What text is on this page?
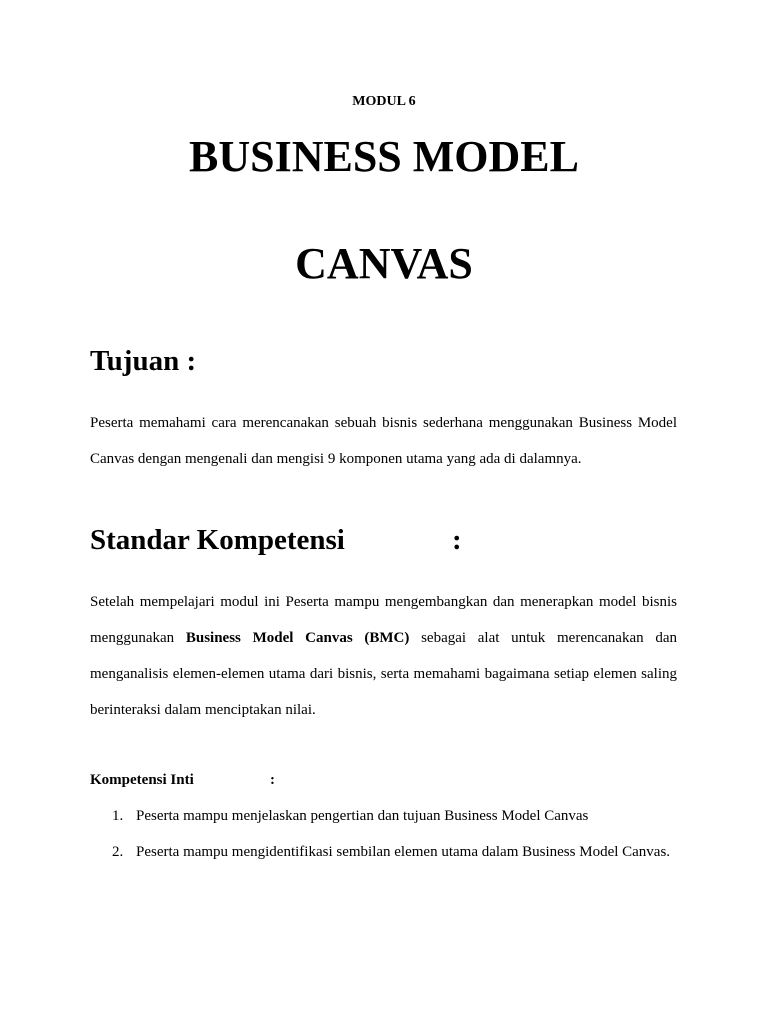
MODUL 6
BUSINESS MODEL
CANVAS
Tujuan :
Peserta memahami cara merencanakan sebuah bisnis sederhana menggunakan Business Model
Canvas dengan mengenali dan mengisi 9 komponen utama yang ada di dalamnya.
Standar Kompetensi	:
Setelah mempelajari modul ini Peserta mampu mengembangkan dan menerapkan model bisnis
menggunakan Business Model Canvas (BMC) sebagai alat untuk merencanakan dan
menganalisis elemen-elemen utama dari bisnis, serta memahami bagaimana setiap elemen saling
berinteraksi dalam menciptakan nilai.
Kompetensi Inti	:
1. Peserta mampu menjelaskan pengertian dan tujuan Business Model Canvas
2. Peserta mampu mengidentifikasi sembilan elemen utama dalam Business Model Canvas.
